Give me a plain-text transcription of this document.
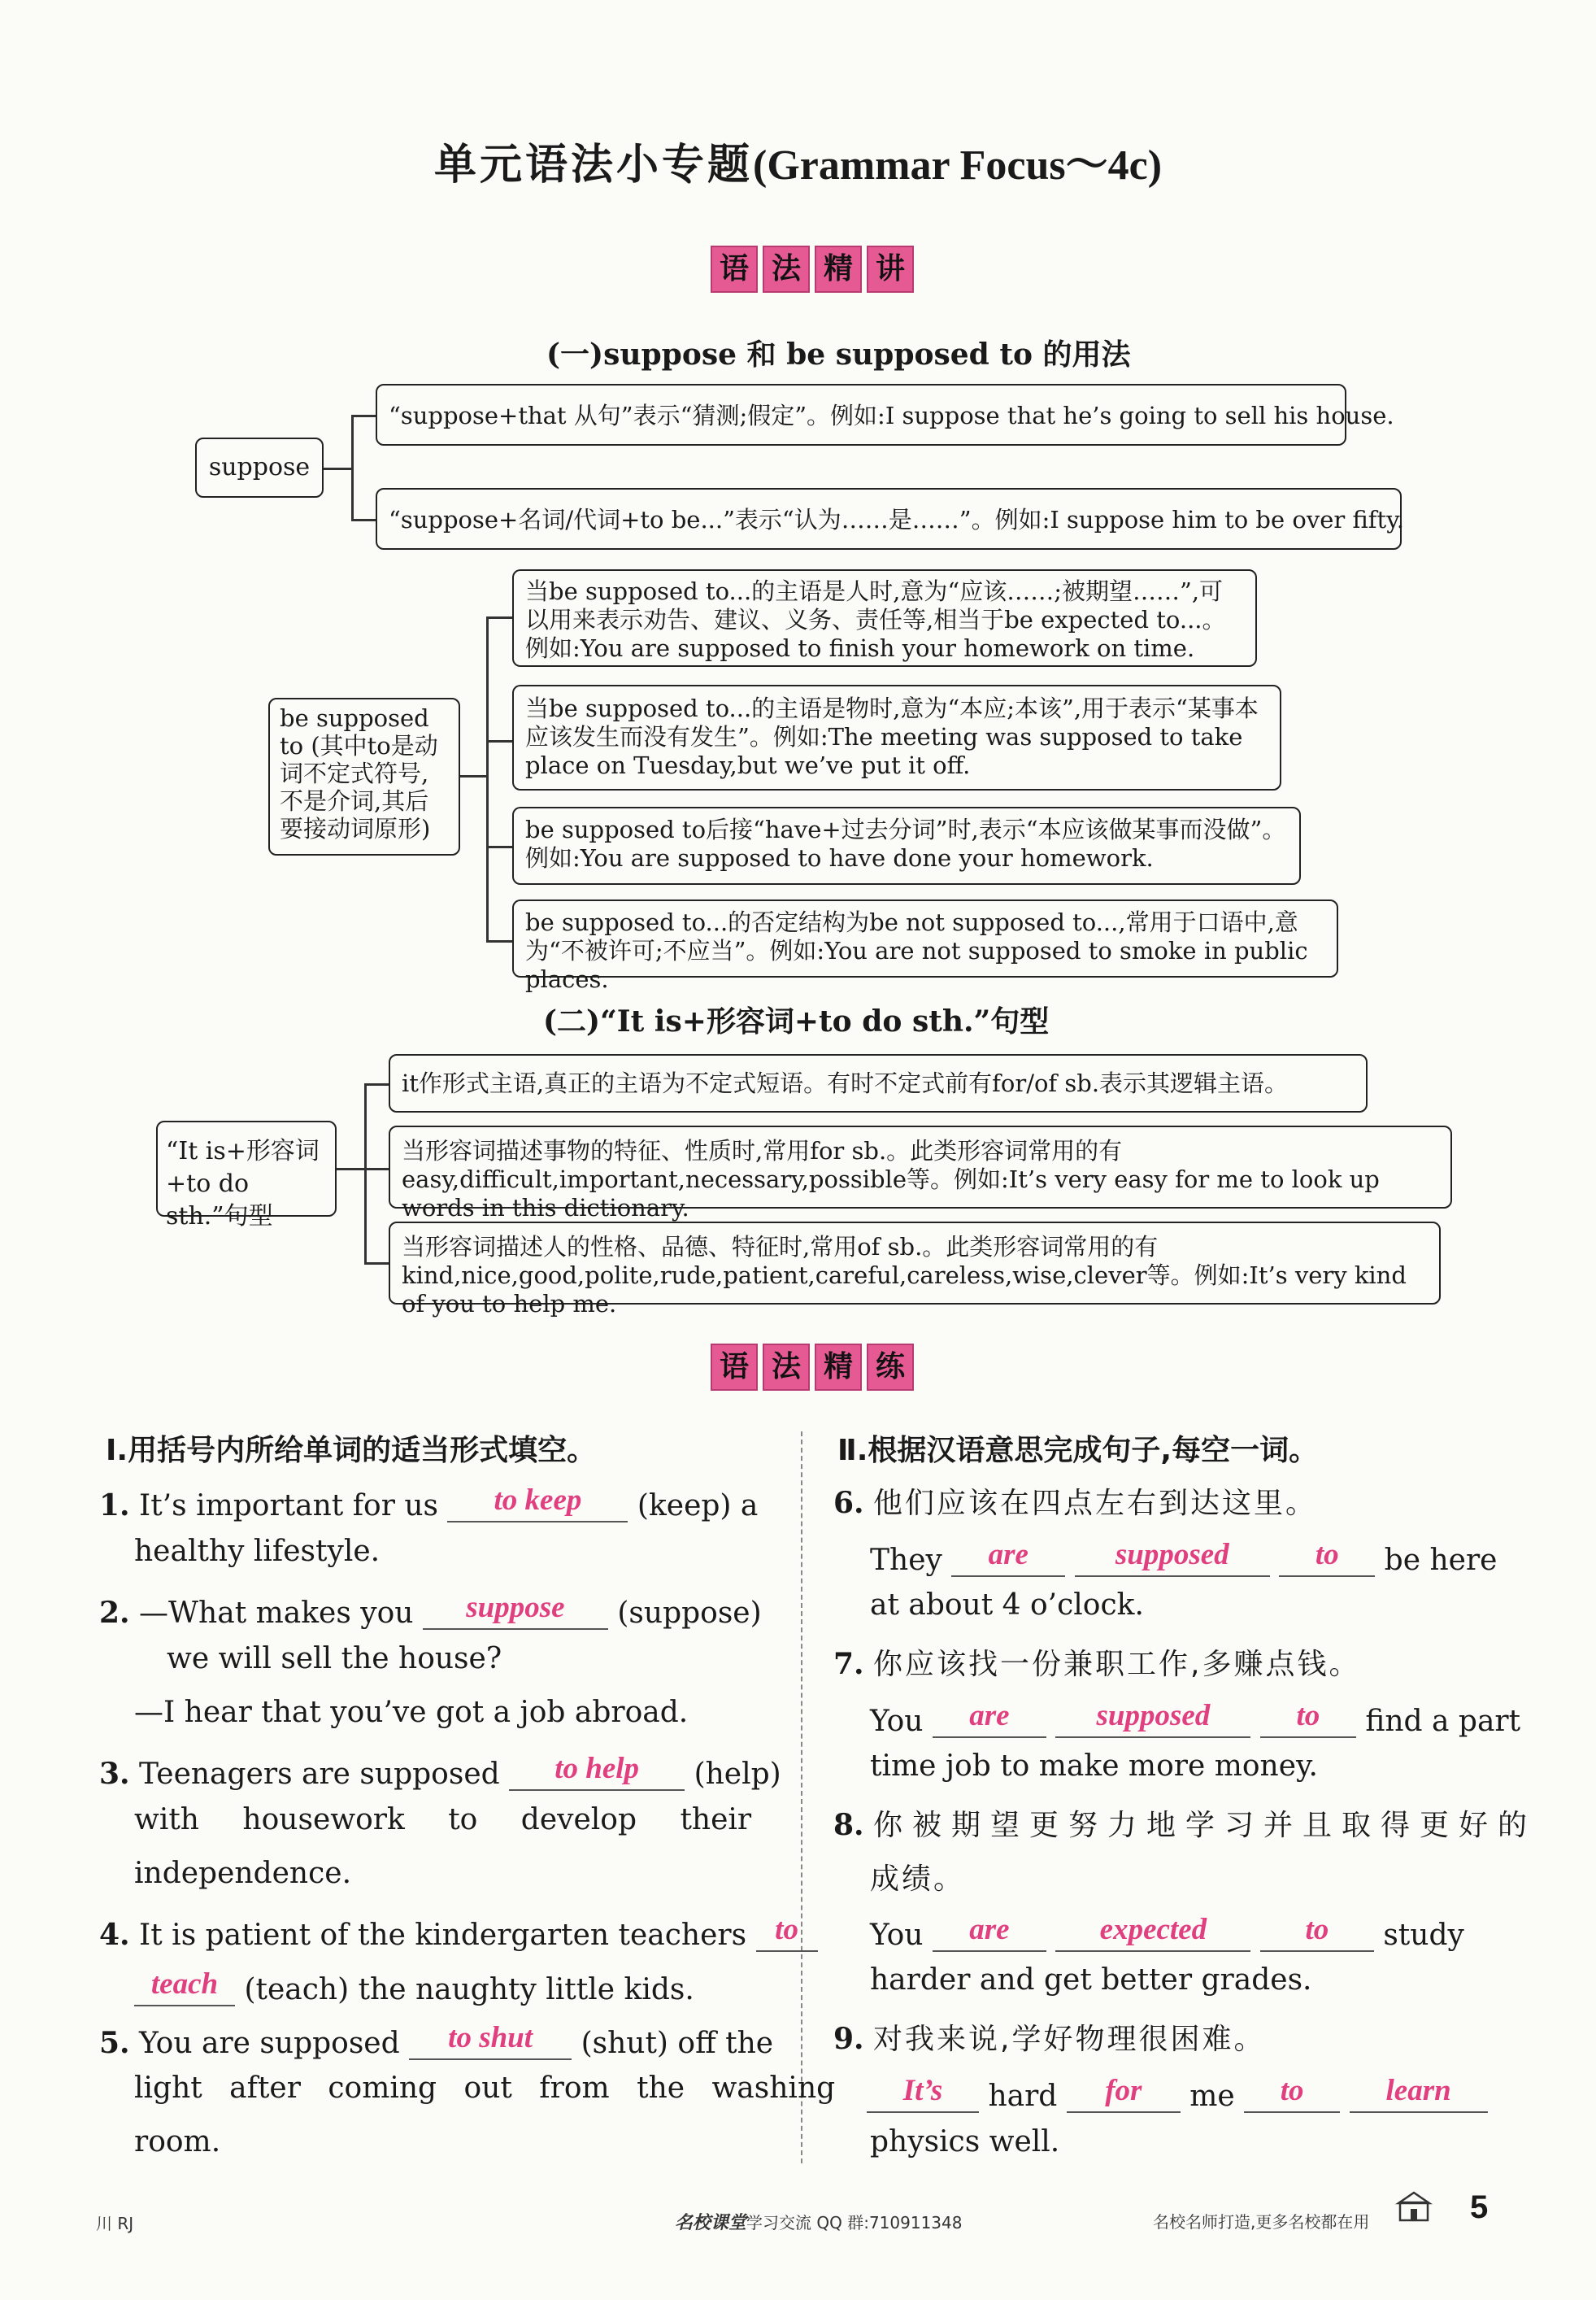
单元语法小专题(Grammar Focus～4c)
语 法 精 讲
(一)suppose 和 be supposed to 的用法
suppose
“suppose+that 从句”表示“猜测;假定”。例如:I suppose that he’s going to sell his house.
“suppose+名词/代词+to be...”表示“认为……是……”。例如:I suppose him to be over fifty.
be supposed to (其中to是动词不定式符号,不是介词,其后要接动词原形)
当be supposed to...的主语是人时,意为“应该……;被期望……”,可以用来表示劝告、建议、义务、责任等,相当于be expected to...。例如:You are supposed to finish your homework on time.
当be supposed to...的主语是物时,意为“本应;本该”,用于表示“某事本应该发生而没有发生”。例如:The meeting was supposed to take place on Tuesday,but we’ve put it off.
be supposed to后接“have+过去分词”时,表示“本应该做某事而没做”。例如:You are supposed to have done your homework.
be supposed to...的否定结构为be not supposed to...,常用于口语中,意为“不被许可;不应当”。例如:You are not supposed to smoke in public places.
(二)“It is+形容词+to do sth.”句型
“It is+形容词+to do sth.”句型
it作形式主语,真正的主语为不定式短语。有时不定式前有for/of sb.表示其逻辑主语。
当形容词描述事物的特征、性质时,常用for sb.。此类形容词常用的有easy,difficult,important,necessary,possible等。例如:It’s very easy for me to look up words in this dictionary.
当形容词描述人的性格、品德、特征时,常用of sb.。此类形容词常用的有kind,nice,good,polite,rude,patient,careful,careless,wise,clever等。例如:It’s very kind of you to help me.
语 法 精 练
Ⅰ.用括号内所给单词的适当形式填空。
1. It’s important for us to keep (keep) a
healthy lifestyle.
2. —What makes you suppose (suppose)
we will sell the house?
—I hear that you’ve got a job abroad.
3. Teenagers are supposed to help (help)
with housework to develop their
independence.
4. It is patient of the kindergarten teachers to
teach (teach) the naughty little kids.
5. You are supposed to shut (shut) off the
light after coming out from the washing
room.
Ⅱ.根据汉语意思完成句子,每空一词。
6. 他们应该在四点左右到达这里。
They are	supposed	to be here
at about 4 o’clock.
7. 你应该找一份兼职工作,多赚点钱。
You are	supposed	to find a part
time job to make more money.
8. 你被期望更努力地学习并且取得更好的
成绩。
You are	expected	to study
harder and get better grades.
9. 对我来说,学好物理很困难。
It’s hard for me to	learn
physics well.
川 RJ	名校课堂学习交流 QQ 群:710911348	名校名师打造,更多名校都在用	5
